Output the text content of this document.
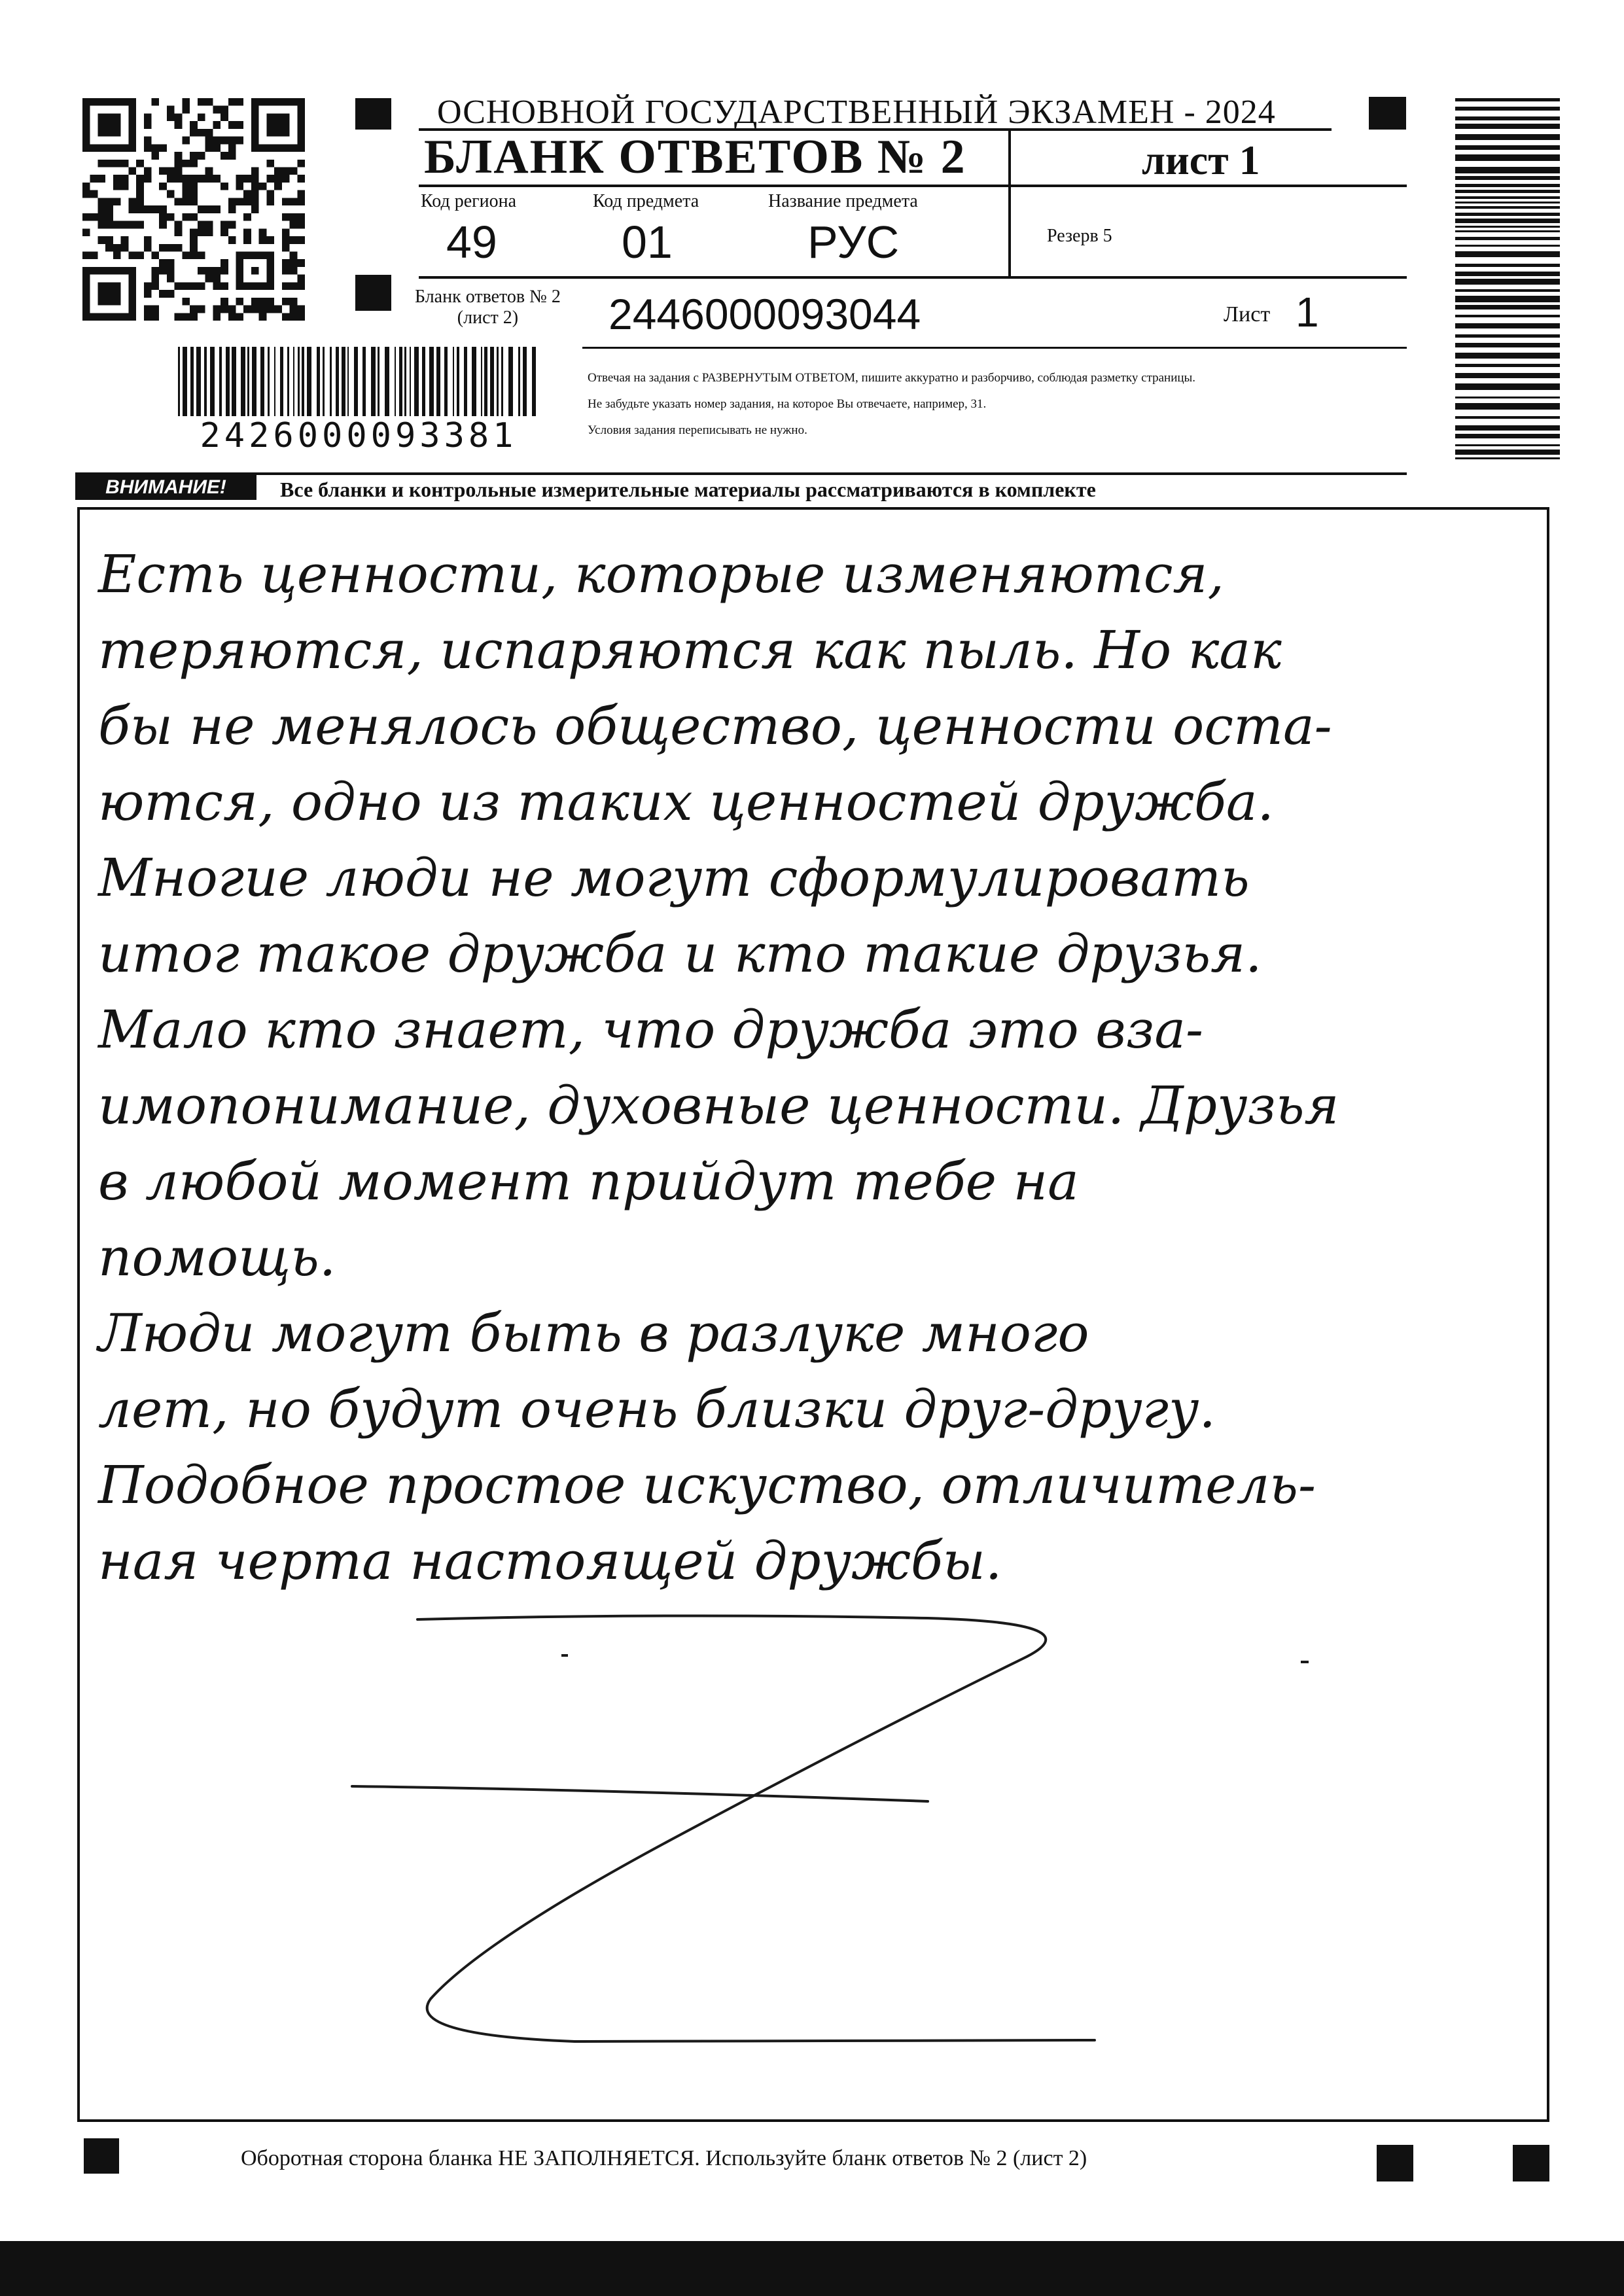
ОСНОВНОЙ ГОСУДАРСТВЕННЫЙ ЭКЗАМЕН - 2024
БЛАНК ОТВЕТОВ № 2	лист 1
Код региона
49
Код предмета
01
Название предмета
РУС	Резерв 5
Бланк ответов № 2
(лист 2)	2446000093044	Лист 1
Отвечая на задания с РАЗВЕРНУТЫМ ОТВЕТОМ, пишите аккуратно и разборчиво, соблюдая разметку страницы.
Не забудьте указать номер задания, на которое Вы отвечаете, например, 31.
Условия задания переписывать не нужно.
2426000093381
ВНИМАНИЕ!	Все бланки и контрольные измерительные материалы рассматриваются в комплекте
Есть ценности, которые изменяются,
теряются, испаряются как пыль. Но как
бы не менялось общество, ценности оста-
ются, одно из таких ценностей дружба.
Многие люди не могут сформулировать
итог такое дружба и кто такие друзья.
Мало кто знает, что дружба это вза-
имопонимание, духовные ценности. Друзья
в любой момент прийдут тебе на
помощь.
Люди могут быть в разлуке много
лет, но будут очень близки друг-другу.
Подобное простое искуство, отличитель-
ная черта настоящей дружбы.
Оборотная сторона бланка НЕ ЗАПОЛНЯЕТСЯ. Используйте бланк ответов № 2 (лист 2)
